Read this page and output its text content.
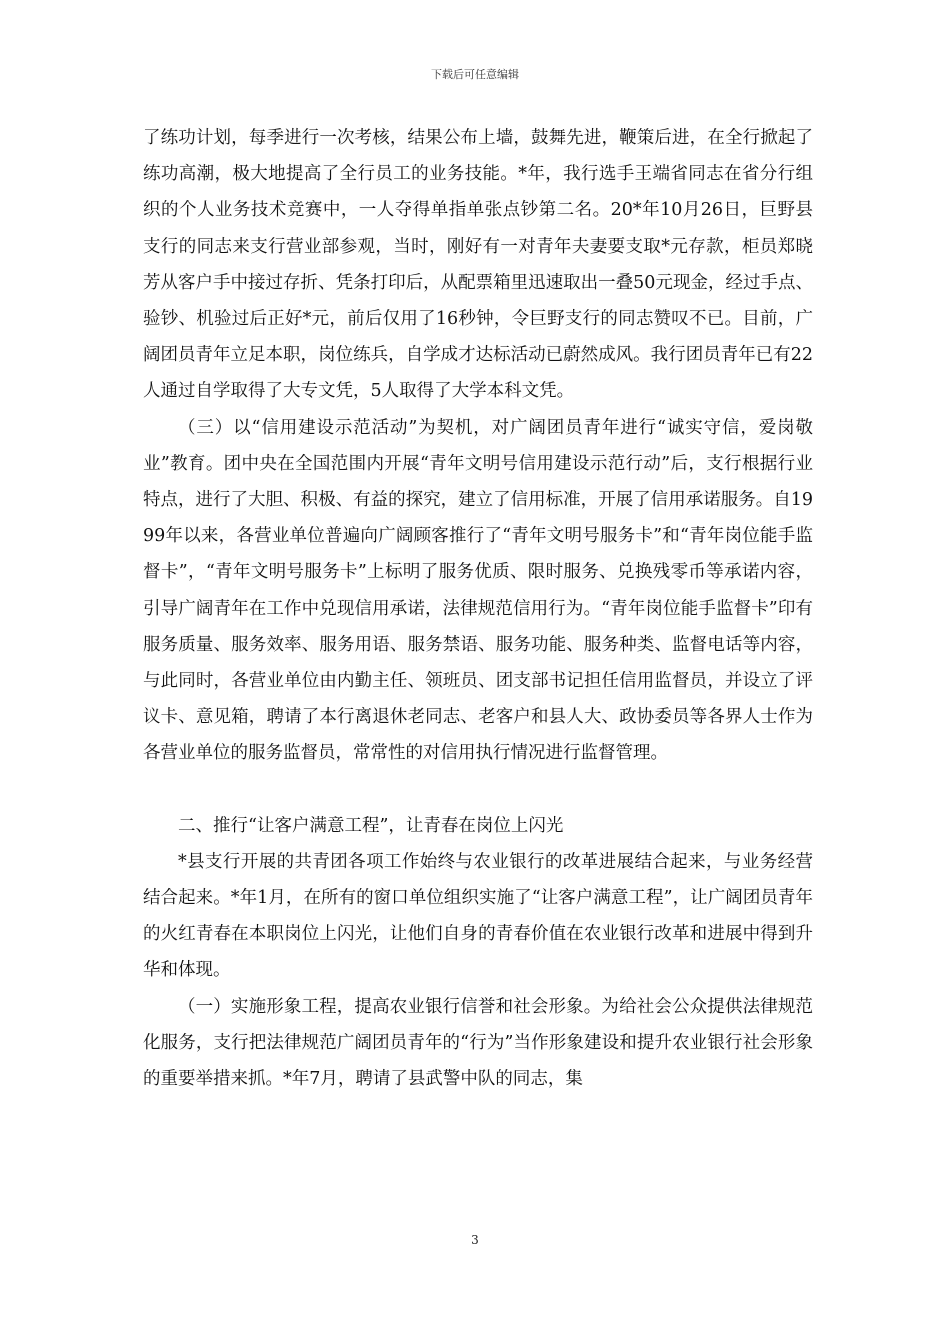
下载后可任意编辑

了练功计划，每季进行一次考核，结果公布上墙，鼓舞先进，鞭策后进，在全行掀起了练功高潮，极大地提高了全行员工的业务技能。*年，我行选手王端省同志在省分行组织的个人业务技术竞赛中，一人夺得单指单张点钞第二名。20*年10月26日，巨野县支行的同志来支行营业部参观，当时，刚好有一对青年夫妻要支取*元存款，柜员郑晓芳从客户手中接过存折、凭条打印后，从配票箱里迅速取出一叠50元现金，经过手点、验钞、机验过后正好*元，前后仅用了16秒钟，令巨野支行的同志赞叹不已。目前，广阔团员青年立足本职，岗位练兵，自学成才达标活动已蔚然成风。我行团员青年已有22人通过自学取得了大专文凭，5人取得了大学本科文凭。

（三）以“信用建设示范活动”为契机，对广阔团员青年进行“诚实守信，爱岗敬业”教育。团中央在全国范围内开展“青年文明号信用建设示范行动”后，支行根据行业特点，进行了大胆、积极、有益的探究，建立了信用标准，开展了信用承诺服务。自1999年以来，各营业单位普遍向广阔顾客推行了“青年文明号服务卡”和“青年岗位能手监督卡”，“青年文明号服务卡”上标明了服务优质、限时服务、兑换残零币等承诺内容，引导广阔青年在工作中兑现信用承诺，法律规范信用行为。“青年岗位能手监督卡”印有服务质量、服务效率、服务用语、服务禁语、服务功能、服务种类、监督电话等内容，与此同时，各营业单位由内勤主任、领班员、团支部书记担任信用监督员，并设立了评议卡、意见箱，聘请了本行离退休老同志、老客户和县人大、政协委员等各界人士作为各营业单位的服务监督员，常常性的对信用执行情况进行监督管理。

二、推行“让客户满意工程”，让青春在岗位上闪光

*县支行开展的共青团各项工作始终与农业银行的改革进展结合起来，与业务经营结合起来。*年1月，在所有的窗口单位组织实施了“让客户满意工程”，让广阔团员青年的火红青春在本职岗位上闪光，让他们自身的青春价值在农业银行改革和进展中得到升华和体现。

（一）实施形象工程，提高农业银行信誉和社会形象。为给社会公众提供法律规范化服务，支行把法律规范广阔团员青年的“行为”当作形象建设和提升农业银行社会形象的重要举措来抓。*年7月，聘请了县武警中队的同志，集

3
